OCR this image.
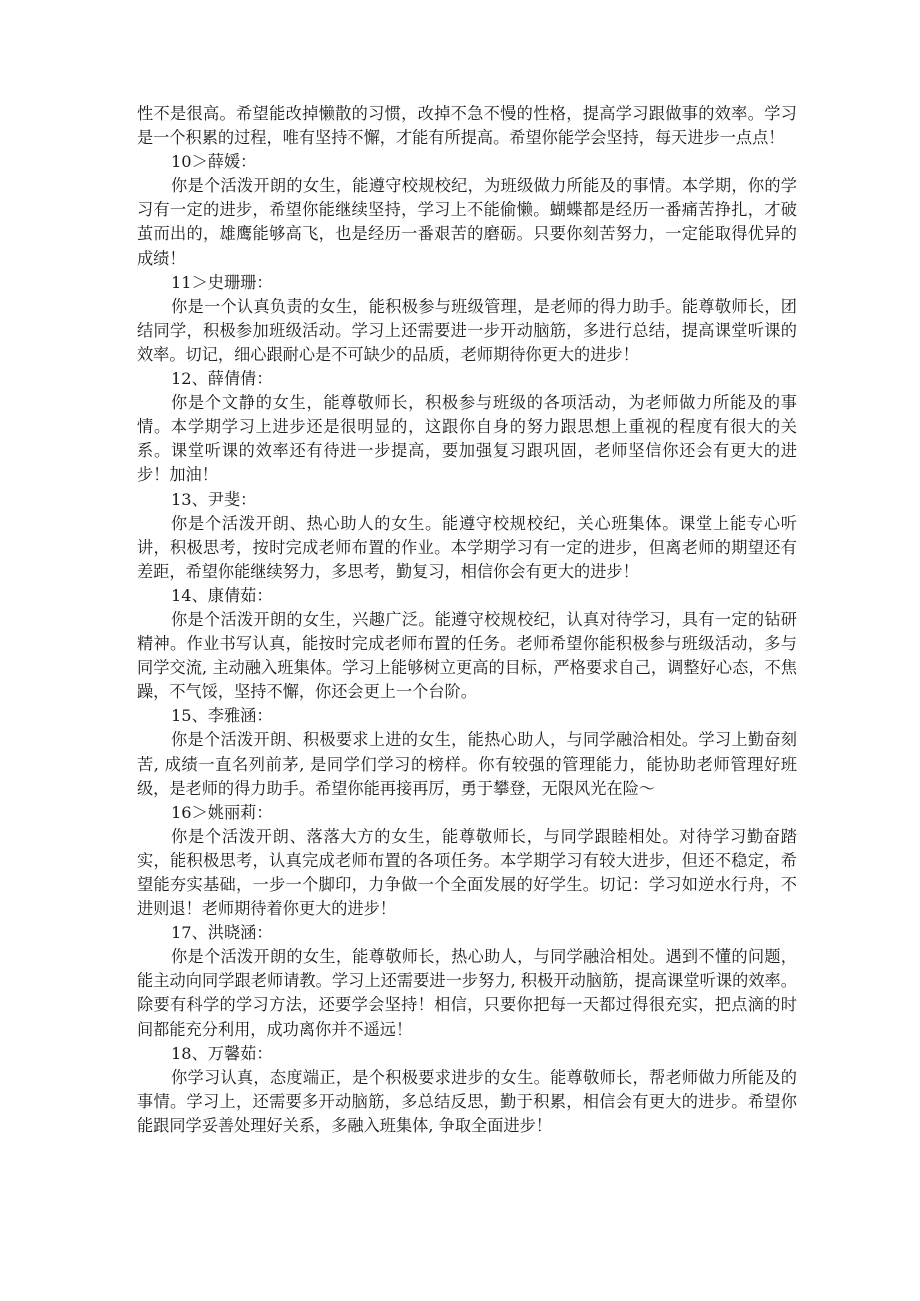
性不是很高。希望能改掉懒散的习惯，改掉不急不慢的性格，提高学习跟做事的效率。学习是一个积累的过程，唯有坚持不懈，才能有所提高。希望你能学会坚持，每天进步一点点！

10＞薛媛：

你是个活泼开朗的女生，能遵守校规校纪，为班级做力所能及的事情。本学期，你的学习有一定的进步，希望你能继续坚持，学习上不能偷懒。蝴蝶都是经历一番痛苦挣扎，才破茧而出的，雄鹰能够高飞，也是经历一番艰苦的磨砺。只要你刻苦努力，一定能取得优异的成绩！

11＞史珊珊：

你是一个认真负责的女生，能积极参与班级管理，是老师的得力助手。能尊敬师长，团结同学，积极参加班级活动。学习上还需要进一步开动脑筋，多进行总结，提高课堂听课的效率。切记，细心跟耐心是不可缺少的品质，老师期待你更大的进步！

12、薛倩倩：

你是个文静的女生，能尊敬师长，积极参与班级的各项活动，为老师做力所能及的事情。本学期学习上进步还是很明显的，这跟你自身的努力跟思想上重视的程度有很大的关系。课堂听课的效率还有待进一步提高，要加强复习跟巩固，老师坚信你还会有更大的进步！加油！

13、尹斐：

你是个活泼开朗、热心助人的女生。能遵守校规校纪，关心班集体。课堂上能专心听讲，积极思考，按时完成老师布置的作业。本学期学习有一定的进步，但离老师的期望还有差距，希望你能继续努力，多思考，勤复习，相信你会有更大的进步！

14、康倩茹：

你是个活泼开朗的女生，兴趣广泛。能遵守校规校纪，认真对待学习，具有一定的钻研精神。作业书写认真，能按时完成老师布置的任务。老师希望你能积极参与班级活动，多与同学交流, 主动融入班集体。学习上能够树立更高的目标，严格要求自己，调整好心态，不焦躁，不气馁，坚持不懈，你还会更上一个台阶。

15、李雅涵：

你是个活泼开朗、积极要求上进的女生，能热心助人，与同学融洽相处。学习上勤奋刻苦, 成绩一直名列前茅, 是同学们学习的榜样。你有较强的管理能力，能协助老师管理好班级，是老师的得力助手。希望你能再接再厉，勇于攀登，无限风光在险～

16＞姚丽莉：

你是个活泼开朗、落落大方的女生，能尊敬师长，与同学跟睦相处。对待学习勤奋踏实，能积极思考，认真完成老师布置的各项任务。本学期学习有较大进步，但还不稳定，希望能夯实基础，一步一个脚印，力争做一个全面发展的好学生。切记：学习如逆水行舟，不进则退！老师期待着你更大的进步！

17、洪晓涵：

你是个活泼开朗的女生，能尊敬师长，热心助人，与同学融洽相处。遇到不懂的问题，能主动向同学跟老师请教。学习上还需要进一步努力, 积极开动脑筋，提高课堂听课的效率。除要有科学的学习方法，还要学会坚持！相信，只要你把每一天都过得很充实，把点滴的时间都能充分利用，成功离你并不遥远！

18、万馨茹：

你学习认真，态度端正，是个积极要求进步的女生。能尊敬师长，帮老师做力所能及的事情。学习上，还需要多开动脑筋，多总结反思，勤于积累，相信会有更大的进步。希望你能跟同学妥善处理好关系，多融入班集体, 争取全面进步！
